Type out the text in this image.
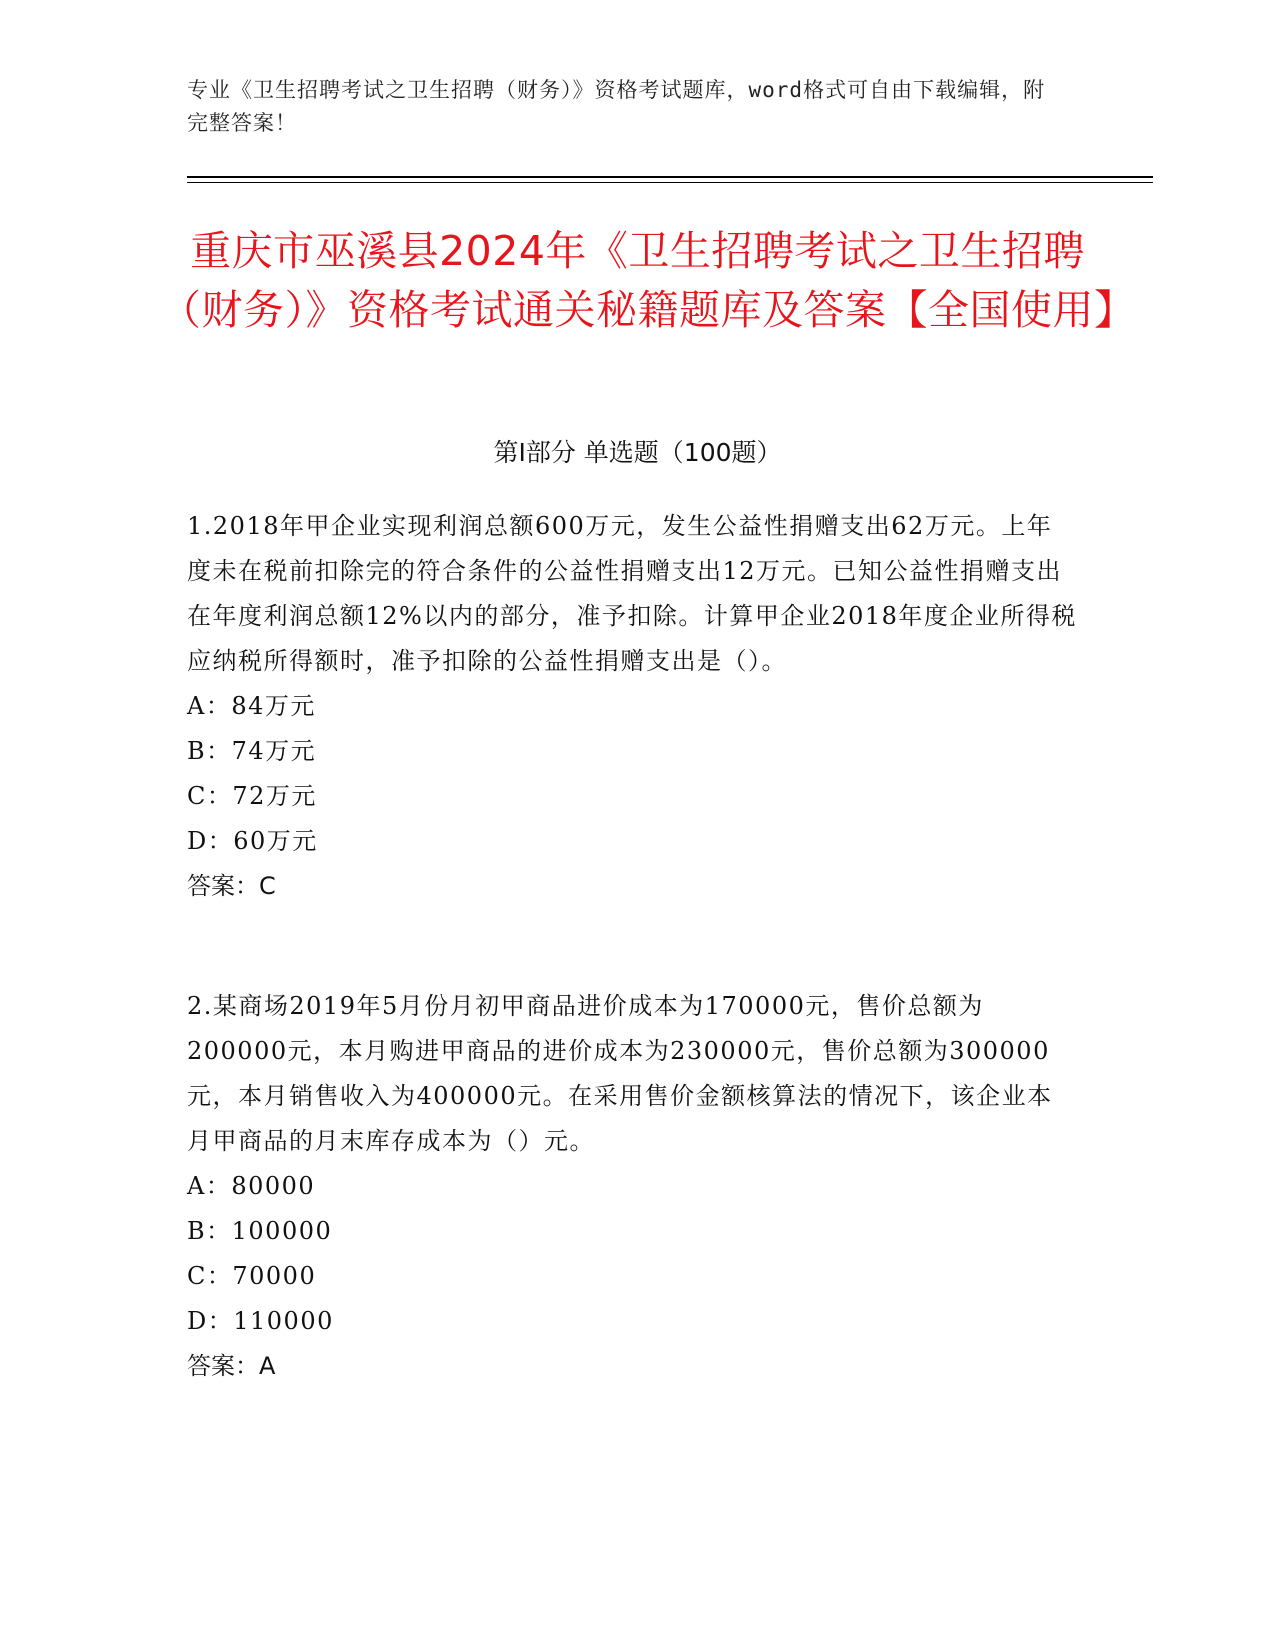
专业《卫生招聘考试之卫生招聘（财务）》资格考试题库，word格式可自由下载编辑，附完整答案！
重庆市巫溪县2024年《卫生招聘考试之卫生招聘（财务）》资格考试通关秘籍题库及答案【全国使用】
第Ⅰ部分 单选题（100题）

1.2018年甲企业实现利润总额600万元，发生公益性捐赠支出62万元。上年度未在税前扣除完的符合条件的公益性捐赠支出12万元。已知公益性捐赠支出在年度利润总额12%以内的部分，准予扣除。计算甲企业2018年度企业所得税应纳税所得额时，准予扣除的公益性捐赠支出是（）。

A：84万元

B：74万元

C：72万元

D：60万元

答案：C

2.某商场2019年5月份月初甲商品进价成本为170000元，售价总额为200000元，本月购进甲商品的进价成本为230000元，售价总额为300000元，本月销售收入为400000元。在采用售价金额核算法的情况下，该企业本月甲商品的月末库存成本为（）元。

A：80000

B：100000

C：70000

D：110000

答案：A
